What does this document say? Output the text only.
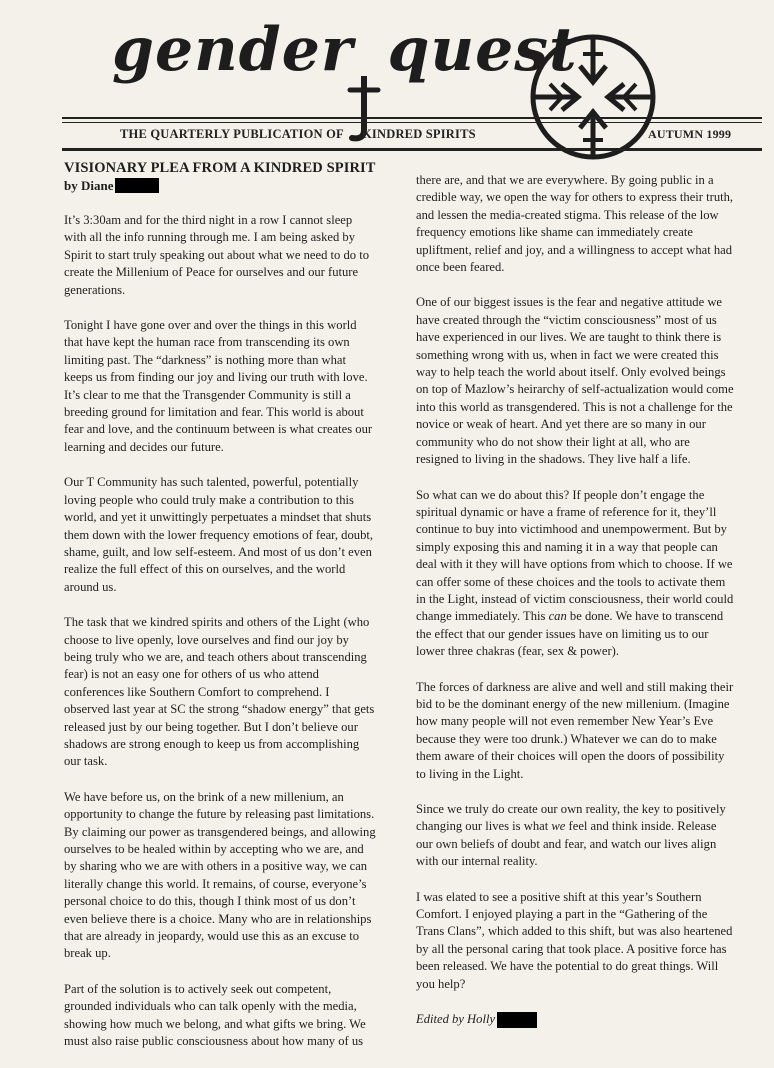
gender quest
THE QUARTERLY PUBLICATION OF KINDRED SPIRITS	AUTUMN 1999
VISIONARY PLEA FROM A KINDRED SPIRIT
by Diane

It’s 3:30am and for the third night in a row I cannot sleep with all the info running through me. I am being asked by Spirit to start truly speaking out about what we need to do to create the Millenium of Peace for ourselves and our future generations.

Tonight I have gone over and over the things in this world that have kept the human race from transcending its own limiting past. The “darkness” is nothing more than what keeps us from finding our joy and living our truth with love. It’s clear to me that the Transgender Community is still a breeding ground for limitation and fear. This world is about fear and love, and the continuum between is what creates our learning and decides our future.

Our T Community has such talented, powerful, potentially loving people who could truly make a contribution to this world, and yet it unwittingly perpetuates a mindset that shuts them down with the lower frequency emotions of fear, doubt, shame, guilt, and low self-esteem. And most of us don’t even realize the full effect of this on ourselves, and the world around us.

The task that we kindred spirits and others of the Light (who choose to live openly, love ourselves and find our joy by being truly who we are, and teach others about transcending fear) is not an easy one for others of us who attend conferences like Southern Comfort to comprehend. I observed last year at SC the strong “shadow energy” that gets released just by our being together. But I don’t believe our shadows are strong enough to keep us from accomplishing our task.

We have before us, on the brink of a new millenium, an opportunity to change the future by releasing past limitations. By claiming our power as transgendered beings, and allowing ourselves to be healed within by accepting who we are, and by sharing who we are with others in a positive way, we can literally change this world. It remains, of course, everyone’s personal choice to do this, though I think most of us don’t even believe there is a choice. Many who are in relationships that are already in jeopardy, would use this as an excuse to break up.

Part of the solution is to actively seek out competent, grounded individuals who can talk openly with the media, showing how much we belong, and what gifts we bring. We must also raise public consciousness about how many of us

there are, and that we are everywhere. By going public in a credible way, we open the way for others to express their truth, and lessen the media-created stigma. This release of the low frequency emotions like shame can immediately create upliftment, relief and joy, and a willingness to accept what had once been feared.

One of our biggest issues is the fear and negative attitude we have created through the “victim consciousness” most of us have experienced in our lives. We are taught to think there is something wrong with us, when in fact we were created this way to help teach the world about itself. Only evolved beings on top of Mazlow’s heirarchy of self-actualization would come into this world as transgendered. This is not a challenge for the novice or weak of heart. And yet there are so many in our community who do not show their light at all, who are resigned to living in the shadows. They live half a life.

So what can we do about this? If people don’t engage the spiritual dynamic or have a frame of reference for it, they’ll continue to buy into victimhood and unempowerment. But by simply exposing this and naming it in a way that people can deal with it they will have options from which to choose. If we can offer some of these choices and the tools to activate them in the Light, instead of victim consciousness, their world could change immediately. This can be done. We have to transcend the effect that our gender issues have on limiting us to our lower three chakras (fear, sex & power).

The forces of darkness are alive and well and still making their bid to be the dominant energy of the new millenium. (Imagine how many people will not even remember New Year’s Eve because they were too drunk.) Whatever we can do to make them aware of their choices will open the doors of possibility to living in the Light.

Since we truly do create our own reality, the key to positively changing our lives is what we feel and think inside. Release our own beliefs of doubt and fear, and watch our lives align with our internal reality.

I was elated to see a positive shift at this year’s Southern Comfort. I enjoyed playing a part in the “Gathering of the Trans Clans”, which added to this shift, but was also heartened by all the personal caring that took place. A positive force has been released. We have the potential to do great things. Will you help?

Edited by Holly
